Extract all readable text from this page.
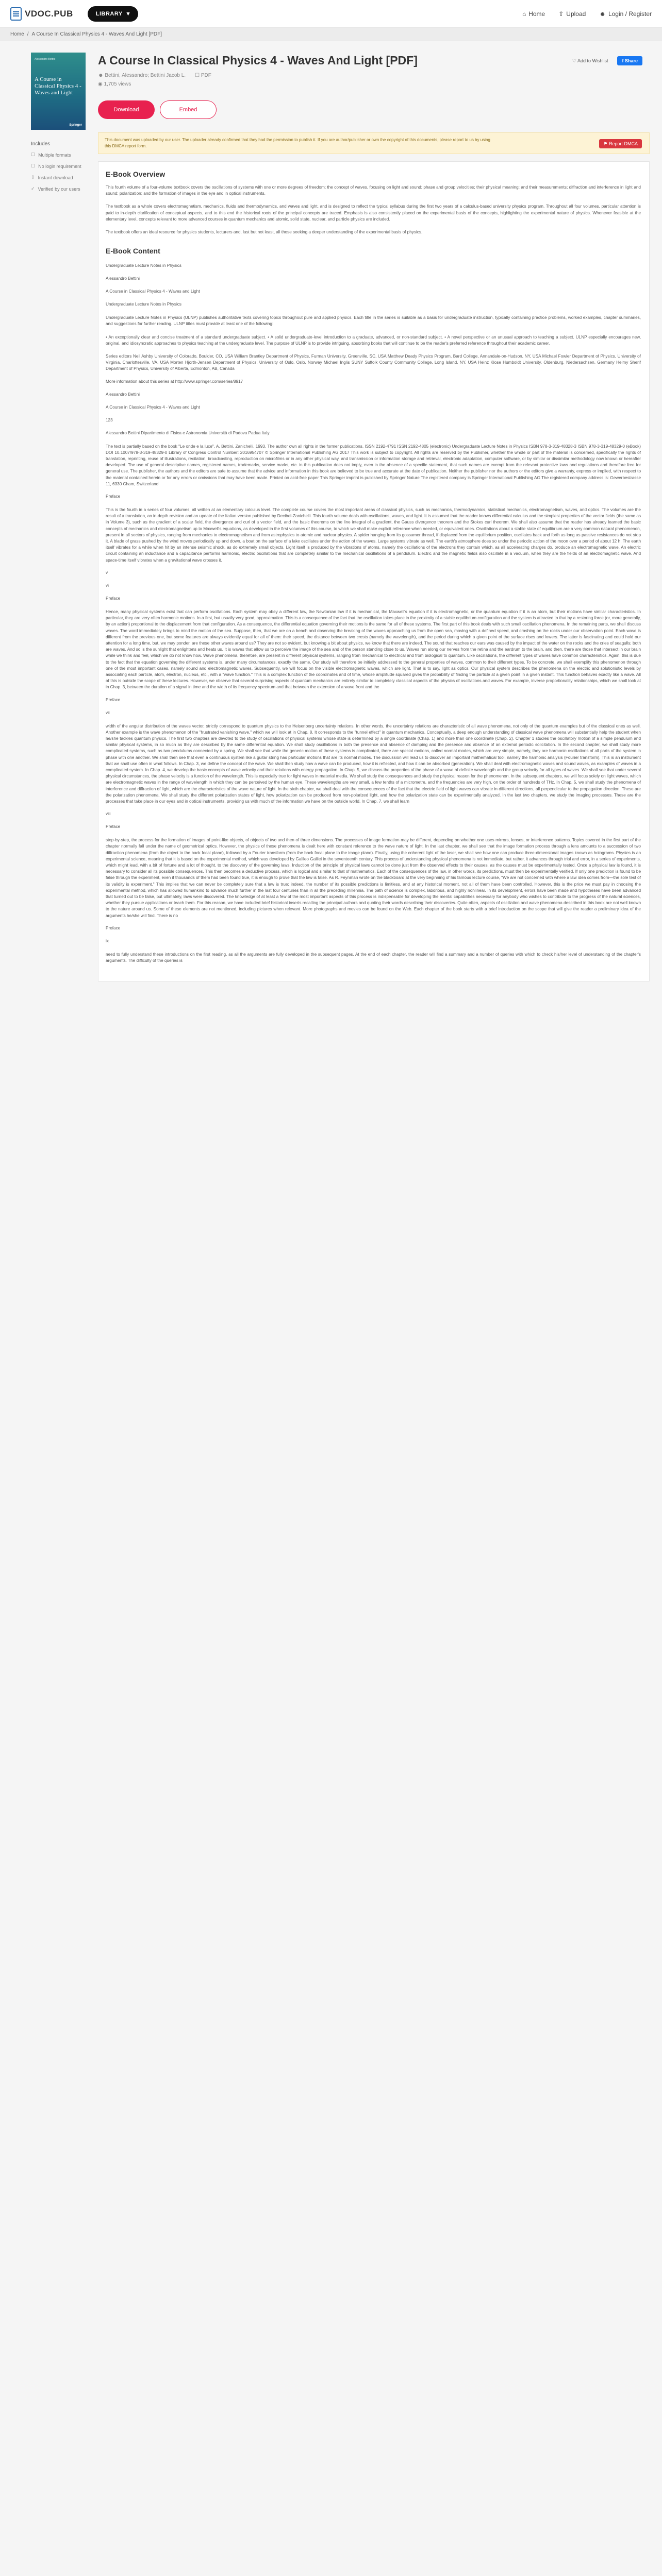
VDOC.PUB	LIBRARY ▾	⌂ Home ⇧ Upload ☻ Login / Register
Home / A Course In Classical Physics 4 - Waves And Light [PDF]
Alessandro Bettini
A Course in Classical Physics 4 - Waves and Light
Springer
Includes
☐ Multiple formats
☐ No login requirement
⇩ Instant download
✓ Verified by our users
A Course In Classical Physics 4 - Waves And Light [PDF]
☻ Bettini, Alessandro; Bettini Jacob L. ☐ PDF
◉ 1,705 views
♡ Add to Wishlist	f Share
Download	Embed
This document was uploaded by our user. The uploader already confirmed that they had the permission to publish it. If you are author/publisher or own the copyright of this documents, please report to us by using this DMCA report form.	⚑ Report DMCA
E-Book Overview

This fourth volume of a four-volume textbook covers the oscillations of systems with one or more degrees of freedom; the concept of waves, focusing on light and sound; phase and group velocities; their physical meaning; and their measurements; diffraction and interference in light and sound; polarization; and the formation of images in the eye and in optical instruments.

The textbook as a whole covers electromagnetism, mechanics, fluids and thermodynamics, and waves and light, and is designed to reflect the typical syllabus during the first two years of a calculus-based university physics program. Throughout all four volumes, particular attention is paid to in-depth clarification of conceptual aspects, and to this end the historical roots of the principal concepts are traced. Emphasis is also consistently placed on the experimental basis of the concepts, highlighting the experimental nature of physics. Whenever feasible at the elementary level, concepts relevant to more advanced courses in quantum mechanics and atomic, solid state, nuclear, and particle physics are included.

The textbook offers an ideal resource for physics students, lecturers and, last but not least, all those seeking a deeper understanding of the experimental basis of physics.

E-Book Content

Undergraduate Lecture Notes in Physics

Alessandro Bettini

A Course in Classical Physics 4 - Waves and Light

Undergraduate Lecture Notes in Physics

Undergraduate Lecture Notes in Physics (ULNP) publishes authoritative texts covering topics throughout pure and applied physics. Each title in the series is suitable as a basis for undergraduate instruction, typically containing practice problems, worked examples, chapter summaries, and suggestions for further reading. ULNP titles must provide at least one of the following:

• An exceptionally clear and concise treatment of a standard undergraduate subject. • A solid undergraduate-level introduction to a graduate, advanced, or non-standard subject. • A novel perspective or an unusual approach to teaching a subject. ULNP especially encourages new, original, and idiosyncratic approaches to physics teaching at the undergraduate level. The purpose of ULNP is to provide intriguing, absorbing books that will continue to be the reader's preferred reference throughout their academic career.

Series editors Neil Ashby University of Colorado, Boulder, CO, USA William Brantley Department of Physics, Furman University, Greenville, SC, USA Matthew Deady Physics Program, Bard College, Annandale-on-Hudson, NY, USA Michael Fowler Department of Physics, University of Virginia, Charlottesville, VA, USA Morten Hjorth-Jensen Department of Physics, University of Oslo, Oslo, Norway Michael Inglis SUNY Suffolk County Community College, Long Island, NY, USA Heinz Klose Humboldt University, Oldenburg, Niedersachsen, Germany Helmy Sherif Department of Physics, University of Alberta, Edmonton, AB, Canada

More information about this series at http://www.springer.com/series/8917

Alessandro Bettini

A Course in Classical Physics 4 - Waves and Light

123

Alessandro Bettini Dipartimento di Fisica e Astronomia Università di Padova Padua Italy

The text is partially based on the book "Le onde e la luce", A. Bettini, Zanichelli, 1993. The author own all rights in the former publications. ISSN 2192-4791 ISSN 2192-4805 (electronic) Undergraduate Lecture Notes in Physics ISBN 978-3-319-48328-3 ISBN 978-3-319-48329-0 (eBook) DOI 10.1007/978-3-319-48329-0 Library of Congress Control Number: 2016954707 © Springer International Publishing AG 2017 This work is subject to copyright. All rights are reserved by the Publisher, whether the whole or part of the material is concerned, specifically the rights of translation, reprinting, reuse of illustrations, recitation, broadcasting, reproduction on microfilms or in any other physical way, and transmission or information storage and retrieval, electronic adaptation, computer software, or by similar or dissimilar methodology now known or hereafter developed. The use of general descriptive names, registered names, trademarks, service marks, etc. in this publication does not imply, even in the absence of a specific statement, that such names are exempt from the relevant protective laws and regulations and therefore free for general use. The publisher, the authors and the editors are safe to assume that the advice and information in this book are believed to be true and accurate at the date of publication. Neither the publisher nor the authors or the editors give a warranty, express or implied, with respect to the material contained herein or for any errors or omissions that may have been made. Printed on acid-free paper This Springer imprint is published by Springer Nature The registered company is Springer International Publishing AG The registered company address is: Gewerbestrasse 11, 6330 Cham, Switzerland

Preface

This is the fourth in a series of four volumes, all written at an elementary calculus level. The complete course covers the most important areas of classical physics, such as mechanics, thermodynamics, statistical mechanics, electromagnetism, waves, and optics. The volumes are the result of a translation, an in-depth revision and an update of the Italian version published by Decibel-Zanichelli. This fourth volume deals with oscillations, waves, and light. It is assumed that the reader knows differential calculus and the simplest properties of the vector fields (the same as in Volume 3), such as the gradient of a scalar field, the divergence and curl of a vector field, and the basic theorems on the line integral of a gradient, the Gauss divergence theorem and the Stokes curl theorem. We shall also assume that the reader has already learned the basic concepts of mechanics and electromagnetism up to Maxwell's equations, as developed in the first volumes of this course, to which we shall make explicit reference when needed, or equivalent ones. Oscillations about a stable state of equilibrium are a very common natural phenomenon, present in all sectors of physics, ranging from mechanics to electromagnetism and from astrophysics to atomic and nuclear physics. A spider hanging from its gossamer thread, if displaced from the equilibrium position, oscillates back and forth as long as passive resistances do not stop it. A blade of grass pushed by the wind moves periodically up and down, a boat on the surface of a lake oscillates under the action of the waves. Large systems vibrate as well. The earth's atmosphere does so under the periodic action of the moon over a period of about 12 h. The earth itself vibrates for a while when hit by an intense seismic shock, as do extremely small objects. Light itself is produced by the vibrations of atoms, namely the oscillations of the electrons they contain which, as all accelerating charges do, produce an electromagnetic wave. An electric circuit containing an inductance and a capacitance performs harmonic, electric oscillations that are completely similar to the mechanical oscillations of a pendulum. Electric and the magnetic fields also oscillate in a vacuum, when they are the fields of an electromagnetic wave. And space-time itself vibrates when a gravitational wave crosses it.

v

vi

Preface

Hence, many physical systems exist that can perform oscillations. Each system may obey a different law, the Newtonian law if it is mechanical, the Maxwell's equation if it is electromagnetic, or the quantum equation if it is an atom, but their motions have similar characteristics. In particular, they are very often harmonic motions. In a first, but usually very good, approximation. This is a consequence of the fact that the oscillation takes place in the proximity of a stable equilibrium configuration and the system is attracted to that by a restoring force (or, more generally, by an action) proportional to the displacement from that configuration. As a consequence, the differential equation governing their motions is the same for all of these systems. The first part of this book deals with such small oscillation phenomena. In the remaining parts, we shall discuss waves. The word immediately brings to mind the motion of the sea. Suppose, then, that we are on a beach and observing the breaking of the waves approaching us from the open sea, moving with a defined speed, and crashing on the rocks under our observation point. Each wave is different from the previous one, but some features are always evidently equal for all of them: their speed, the distance between two crests (namely the wavelength), and the period during which a given point of the surface rises and lowers. The latter is fascinating and could hold our attention for a long time, but, we may ponder, are these other waves around us? They are not so evident, but knowing a bit about physics, we know that there are indeed. The sound that reaches our ears was caused by the impact of the water on the rocks and the cries of seagulls; both are waves. And so is the sunlight that enlightens and heats us. It is waves that allow us to perceive the image of the sea and of the person standing close to us. Waves run along our nerves from the retina and the eardrum to the brain, and then, there are those that intersect in our brain while we think and feel, which we do not know how. Wave phenomena, therefore, are present in different physical systems, ranging from mechanical to electrical and from biological to quantum. Like oscillations, the different types of waves have common characteristics. Again, this is due to the fact that the equation governing the different systems is, under many circumstances, exactly the same. Our study will therefore be initially addressed to the general properties of waves, common to their different types. To be concrete, we shall exemplify this phenomenon through one of the most important cases, namely sound and electromagnetic waves. Subsequently, we will focus on the visible electromagnetic waves, which are light. That is to say, light as optics. Our physical system describes the phenomena on the electric and solutionistic levels by associating each particle, atom, electron, nucleus, etc., with a "wave function." This is a complex function of the coordinates and of time, whose amplitude squared gives the probability of finding the particle at a given point in a given instant. This function behaves exactly like a wave. All of this is outside the scope of these lectures. However, we observe that several surprising aspects of quantum mechanics are entirely similar to completely classical aspects of the physics of oscillations and waves. For example, inverse proportionality relationships, which we shall look at in Chap. 3, between the duration of a signal in time and the width of its frequency spectrum and that between the extension of a wave front and the

Preface

vii

width of the angular distribution of the waves vector, strictly correspond to quantum physics to the Heisenberg uncertainty relations. In other words, the uncertainty relations are characteristic of all wave phenomena, not only of the quantum examples but of the classical ones as well. Another example is the wave phenomenon of the "frustrated vanishing wave," which we will look at in Chap. 8. It corresponds to the "tunnel effect" in quantum mechanics. Conceptually, a deep enough understanding of classical wave phenomena will substantially help the student when he/she tackles quantum physics. The first two chapters are devoted to the study of oscillations of physical systems whose state is determined by a single coordinate (Chap. 1) and more than one coordinate (Chap. 2). Chapter 1 studies the oscillatory motion of a simple pendulum and similar physical systems, in so much as they are described by the same differential equation. We shall study oscillations in both the presence and absence of damping and the presence and absence of an external periodic solicitation. In the second chapter, we shall study more complicated systems, such as two pendulums connected by a spring. We shall see that while the generic motion of these systems is complicated, there are special motions, called normal modes, which are very simple, namely, they are harmonic oscillations of all parts of the system in phase with one another. We shall then see that even a continuous system like a guitar string has particular motions that are its normal modes. The discussion will lead us to discover an important mathematical tool, namely the harmonic analysis (Fourier transform). This is an instrument that we shall use often in what follows. In Chap. 3, we define the concept of the wave. We shall then study how a wave can be produced, how it is reflected, and how it can be absorbed (generation). We shall deal with electromagnetic waves and sound waves, as examples of waves in a complicated system. In Chap. 4, we develop the basic concepts of wave velocity and their relations with energy propagation. In Chap. 5, we discuss the properties of the phase of a wave of definite wavelength and the group velocity for all types of waves. We shall see that under several physical circumstances, the phase velocity is a function of the wavelength. This is especially true for light waves in material media. We shall study the consequences and study the physical reason for the phenomenon. In the subsequent chapters, we will focus solely on light waves, which are electromagnetic waves in the range of wavelength in which they can be perceived by the human eye. These wavelengths are very small, a few tenths of a micrometre, and the frequencies are very high, on the order of hundreds of THz. In Chap. 5, we shall study the phenomena of interference and diffraction of light, which are the characteristics of the wave nature of light. In the sixth chapter, we shall deal with the consequences of the fact that the electric field of light waves can vibrate in different directions, all perpendicular to the propagation direction. These are the polarization phenomena. We shall study the different polarization states of light, how polarization can be produced from non-polarized light, and how the polarization state can be experimentally analyzed. In the last two chapters, we study the imaging processes. These are the processes that take place in our eyes and in optical instruments, providing us with much of the information we have on the outside world. In Chap. 7, we shall learn

viii

Preface

step-by-step, the process for the formation of images of point-like objects, of objects of two and then of three dimensions. The processes of image formation may be different, depending on whether one uses mirrors, lenses, or interference patterns. Topics covered in the first part of the chapter normally fall under the name of geometrical optics. However, the physics of these phenomena is dealt here with constant reference to the wave nature of light. In the last chapter, we shall see that the image formation process through a lens amounts to a succession of two diffraction phenomena (from the object to the back focal plane), followed by a Fourier transform (from the back focal plane to the image plane). Finally, using the coherent light of the laser, we shall see how one can produce three-dimensional images known as holograms. Physics is an experimental science, meaning that it is based on the experimental method, which was developed by Galileo Galilei in the seventeenth century. This process of understanding physical phenomena is not immediate, but rather, it advances through trial and error, in a series of experiments, which might lead, with a bit of fortune and a lot of thought, to the discovery of the governing laws. Induction of the principle of physical laws cannot be done just from the observed effects to their causes, as the causes must be experimentally tested. Once a physical law is found, it is necessary to consider all its possible consequences. This then becomes a deductive process, which is logical and similar to that of mathematics. Each of the consequences of the law, in other words, its predictions, must then be experimentally verified. If only one prediction is found to be false through the experiment, even if thousands of them had been found true, it is enough to prove that the law is false. As R. Feynman wrote on the blackboard at the very beginning of his famous lecture course, "We are not concerned with where a law idea comes from—the sole test of its validity is experiment." This implies that we can never be completely sure that a law is true; indeed, the number of its possible predictions is limitless, and at any historical moment, not all of them have been controlled. However, this is the price we must pay in choosing the experimental method, which has allowed humankind to advance much further in the last four centuries than in all the preceding millennia. The path of science is complex, laborious, and highly nonlinear. In its development, errors have been made and hypotheses have been advanced that turned out to be false, but ultimately, laws were discovered. The knowledge of at least a few of the most important aspects of this process is indispensable for developing the mental capabilities necessary for anybody who wishes to contribute to the progress of the natural sciences, whether they pursue applications or teach them. For this reason, we have included brief historical inserts recalling the principal authors and quoting their words describing their discoveries. Quite often, aspects of oscillation and wave phenomena described in this book are not well known to the nature around us. Some of these elements are not mentioned, including pictures when relevant. More photographs and movies can be found on the Web. Each chapter of the book starts with a brief introduction on the scope that will give the reader a preliminary idea of the arguments he/she will find. There is no

Preface

ix

need to fully understand these introductions on the first reading, as all the arguments are fully developed in the subsequent pages. At the end of each chapter, the reader will find a summary and a number of queries with which to check his/her level of understanding of the chapter's arguments. The difficulty of the queries is
